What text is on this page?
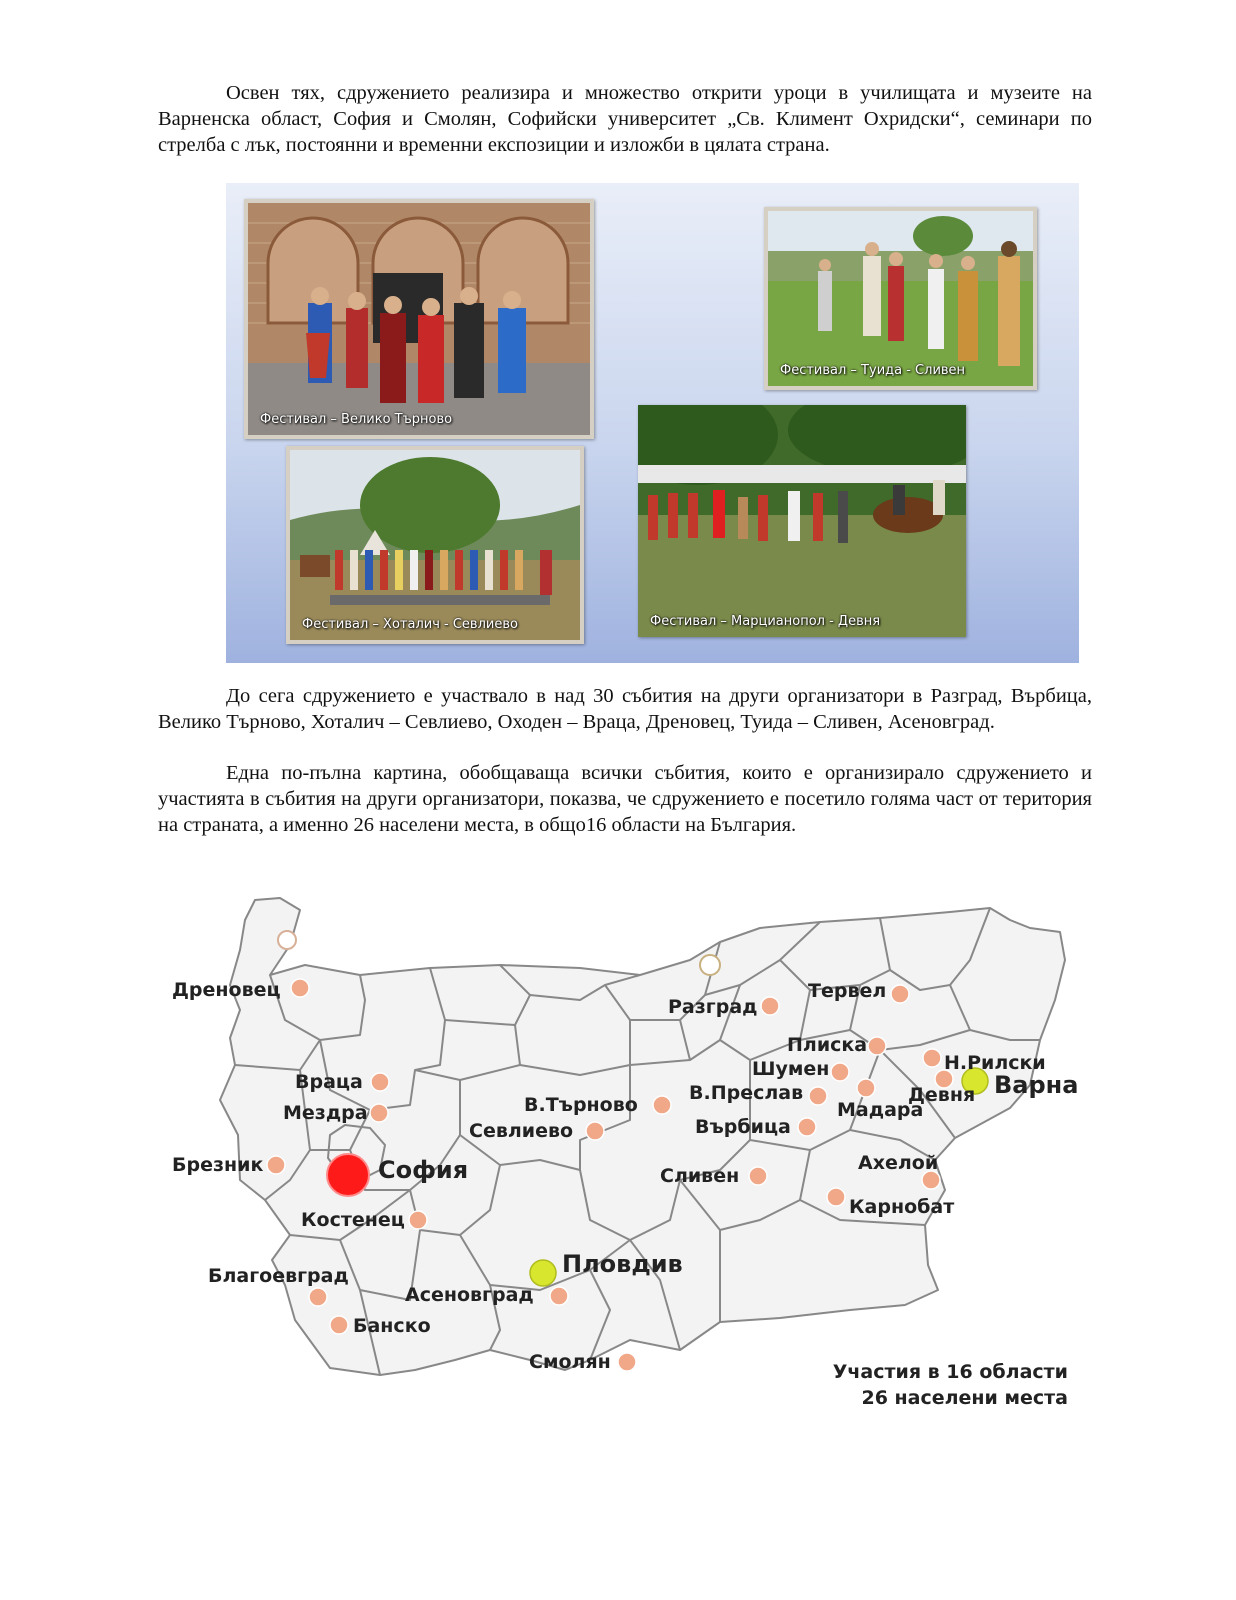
Освен тях, сдружението реализира и множество открити уроци в училищата и музеите на Варненска област, София и Смолян, Софийски университет „Св. Климент Охридски“, семинари по стрелба с лък, постоянни и временни експозиции и изложби в цялата страна.

Фестивал – Велико Търново
Фестивал – Туида - Сливен
Фестивал – Хоталич - Севлиево	Фестивал – Марцианопол - Девня

До сега сдружението е участвало в над 30 събития на други организатори в Разград, Върбица, Велико Търново, Хоталич – Севлиево, Оходен – Враца, Дреновец, Туида – Сливен, Асеновград.

Една по-пълна картина, обобщаваща всички събития, които е организирало сдружението и участията в събития на други организатори, показва, че сдружението е посетило голяма част от територия на страната, а именно 26 населени места, в общо16 области на България.

Дреновец
Разград
Тервел
Плиска
Шумен	Н.Рилски
Варна
Девня
Мадара
В.Преслав
Враца
Мездра	В.Търново
Севлиево	Върбица
Брезник	София	Ахелой
Сливен
Карнобат
Костенец
Пловдив
Благоевград
Асеновград
Банско
Смолян	Участия в 16 области
26 населени места
